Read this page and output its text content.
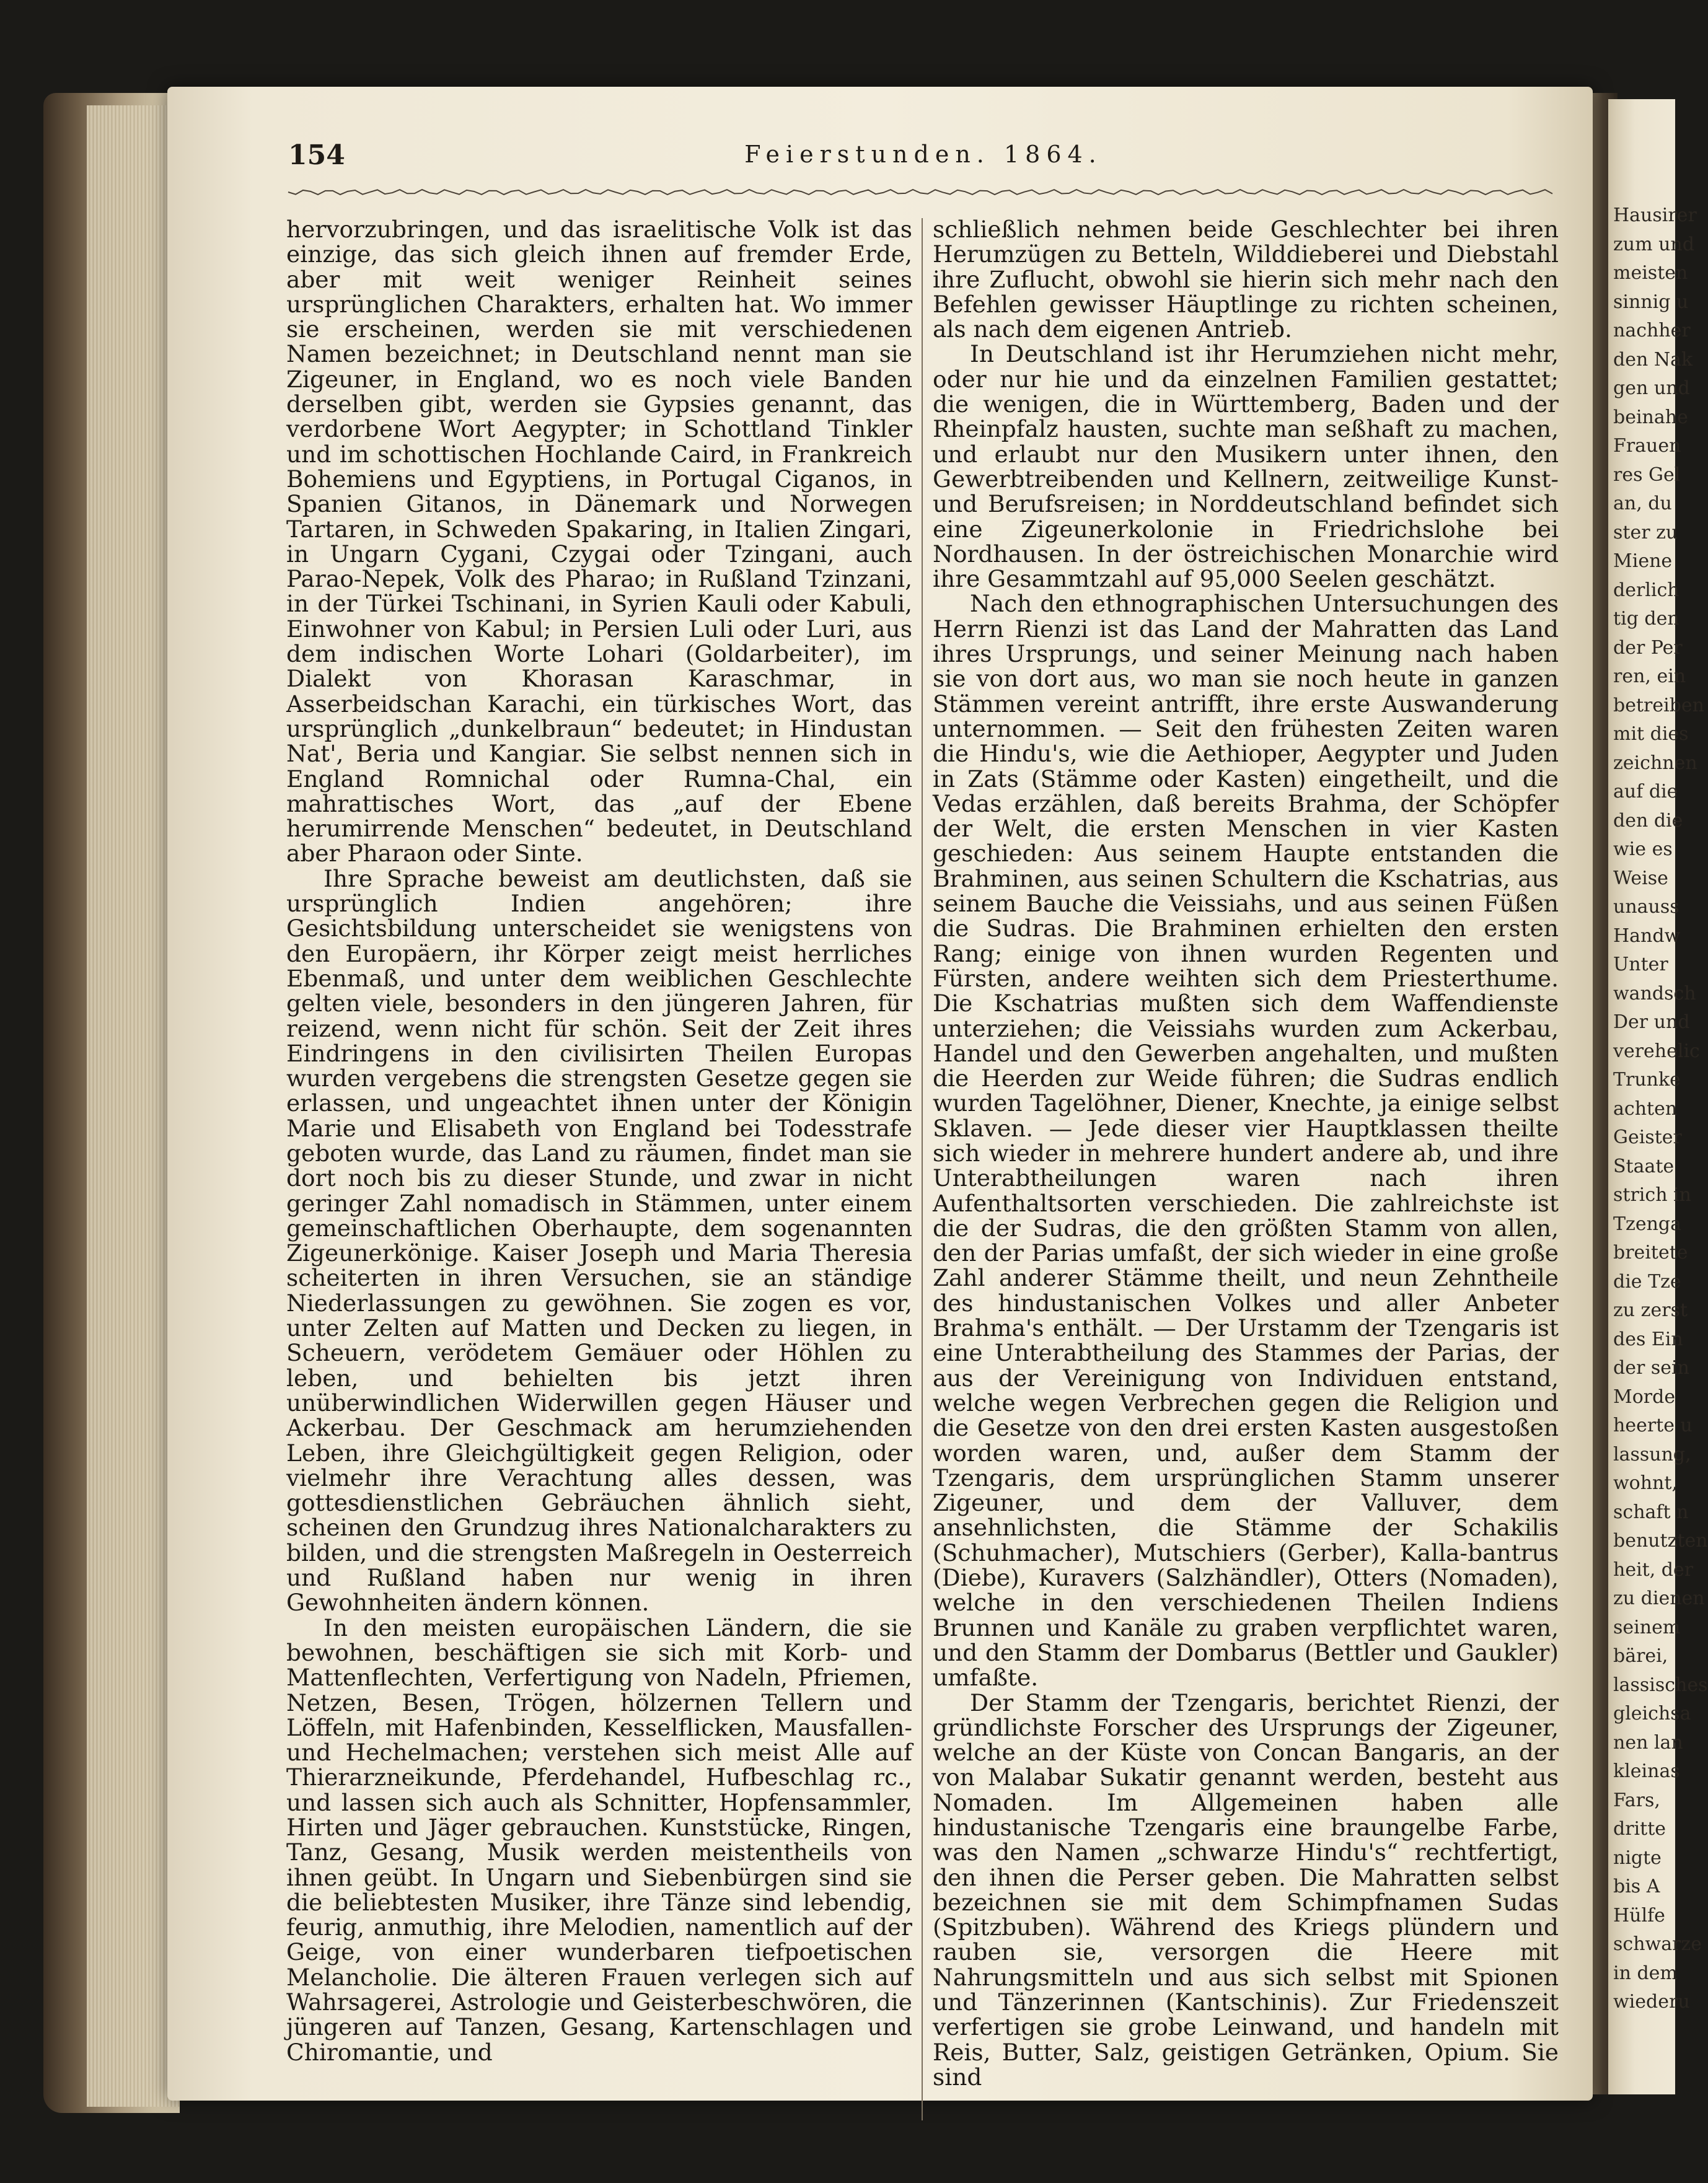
Hausirer
zum und
meisten
sinnig u
nachher
den Nak
gen und
beinahe
Frauen
res Gel
an, du
ster zu
Miene
derlich
tig den
der Per
ren, ein
betreiben
mit dies
zeichnen
auf die
den die
wie es
Weise
unauss
Handw
Unter
wandsch
Der und
verehelic
Trunke
achten
Geister
Staate
strich in
Tzenga
breitete
die Tze
zu zerst
des Ein
der sein
Morde
heerte u
lassung,
wohnt,
schaft n
benutzten
heit, der
zu dienen
seinem
bärei,
lassisches
gleichsa
nen lan
kleinas
Fars,
dritte
nigte
bis A
Hülfe
schwarze
in dem
wiederu
154	Feierstunden. 1864.

hervorzubringen, und das israelitische Volk ist das einzige, das sich gleich ihnen auf fremder Erde, aber mit weit weniger Reinheit seines ursprünglichen Charakters, erhalten hat. Wo immer sie erscheinen, werden sie mit verschiedenen Namen bezeichnet; in Deutschland nennt man sie Zigeuner, in England, wo es noch viele Banden derselben gibt, werden sie Gypsies genannt, das verdorbene Wort Aegypter; in Schottland Tinkler und im schottischen Hochlande Caird, in Frankreich Bohemiens und Egyptiens, in Portugal Ciganos, in Spanien Gitanos, in Dänemark und Norwegen Tartaren, in Schweden Spakaring, in Italien Zingari, in Ungarn Cygani, Czygai oder Tzingani, auch Parao-Nepek, Volk des Pharao; in Rußland Tzinzani, in der Türkei Tschinani, in Syrien Kauli oder Kabuli, Einwohner von Kabul; in Persien Luli oder Luri, aus dem indischen Worte Lohari (Goldarbeiter), im Dialekt von Khorasan Karaschmar, in Asserbeidschan Karachi, ein türkisches Wort, das ursprünglich „dunkelbraun“ bedeutet; in Hindustan Nat', Beria und Kangiar. Sie selbst nennen sich in England Romnichal oder Rumna-Chal, ein mahrattisches Wort, das „auf der Ebene herumirrende Menschen“ bedeutet, in Deutschland aber Pharaon oder Sinte.

Ihre Sprache beweist am deutlichsten, daß sie ursprünglich Indien angehören; ihre Gesichtsbildung unterscheidet sie wenigstens von den Europäern, ihr Körper zeigt meist herrliches Ebenmaß, und unter dem weiblichen Geschlechte gelten viele, besonders in den jüngeren Jahren, für reizend, wenn nicht für schön. Seit der Zeit ihres Eindringens in den civilisirten Theilen Europas wurden vergebens die strengsten Gesetze gegen sie erlassen, und ungeachtet ihnen unter der Königin Marie und Elisabeth von England bei Todesstrafe geboten wurde, das Land zu räumen, findet man sie dort noch bis zu dieser Stunde, und zwar in nicht geringer Zahl nomadisch in Stämmen, unter einem gemeinschaftlichen Oberhaupte, dem sogenannten Zigeunerkönige. Kaiser Joseph und Maria Theresia scheiterten in ihren Versuchen, sie an ständige Niederlassungen zu gewöhnen. Sie zogen es vor, unter Zelten auf Matten und Decken zu liegen, in Scheuern, verödetem Gemäuer oder Höhlen zu leben, und behielten bis jetzt ihren unüberwindlichen Widerwillen gegen Häuser und Ackerbau. Der Geschmack am herumziehenden Leben, ihre Gleichgültigkeit gegen Religion, oder vielmehr ihre Verachtung alles dessen, was gottesdienstlichen Gebräuchen ähnlich sieht, scheinen den Grundzug ihres Nationalcharakters zu bilden, und die strengsten Maßregeln in Oesterreich und Rußland haben nur wenig in ihren Gewohnheiten ändern können.

In den meisten europäischen Ländern, die sie bewohnen, beschäftigen sie sich mit Korb- und Mattenflechten, Verfertigung von Nadeln, Pfriemen, Netzen, Besen, Trögen, hölzernen Tellern und Löffeln, mit Hafenbinden, Kesselflicken, Mausfallen- und Hechelmachen; verstehen sich meist Alle auf Thierarzneikunde, Pferdehandel, Hufbeschlag rc., und lassen sich auch als Schnitter, Hopfensammler, Hirten und Jäger gebrauchen. Kunststücke, Ringen, Tanz, Gesang, Musik werden meistentheils von ihnen geübt. In Ungarn und Siebenbürgen sind sie die beliebtesten Musiker, ihre Tänze sind lebendig, feurig, anmuthig, ihre Melodien, namentlich auf der Geige, von einer wunderbaren tiefpoetischen Melancholie. Die älteren Frauen verlegen sich auf Wahrsagerei, Astrologie und Geisterbeschwören, die jüngeren auf Tanzen, Gesang, Kartenschlagen und Chiromantie, und

schließlich nehmen beide Geschlechter bei ihren Herumzügen zu Betteln, Wilddieberei und Diebstahl ihre Zuflucht, obwohl sie hierin sich mehr nach den Befehlen gewisser Häuptlinge zu richten scheinen, als nach dem eigenen Antrieb.

In Deutschland ist ihr Herumziehen nicht mehr, oder nur hie und da einzelnen Familien gestattet; die wenigen, die in Württemberg, Baden und der Rheinpfalz hausten, suchte man seßhaft zu machen, und erlaubt nur den Musikern unter ihnen, den Gewerbtreibenden und Kellnern, zeitweilige Kunst- und Berufsreisen; in Norddeutschland befindet sich eine Zigeunerkolonie in Friedrichslohe bei Nordhausen. In der östreichischen Monarchie wird ihre Gesammtzahl auf 95,000 Seelen geschätzt.

Nach den ethnographischen Untersuchungen des Herrn Rienzi ist das Land der Mahratten das Land ihres Ursprungs, und seiner Meinung nach haben sie von dort aus, wo man sie noch heute in ganzen Stämmen vereint antrifft, ihre erste Auswanderung unternommen. — Seit den frühesten Zeiten waren die Hindu's, wie die Aethioper, Aegypter und Juden in Zats (Stämme oder Kasten) eingetheilt, und die Vedas erzählen, daß bereits Brahma, der Schöpfer der Welt, die ersten Menschen in vier Kasten geschieden: Aus seinem Haupte entstanden die Brahminen, aus seinen Schultern die Kschatrias, aus seinem Bauche die Veissiahs, und aus seinen Füßen die Sudras. Die Brahminen erhielten den ersten Rang; einige von ihnen wurden Regenten und Fürsten, andere weihten sich dem Priesterthume. Die Kschatrias mußten sich dem Waffendienste unterziehen; die Veissiahs wurden zum Ackerbau, Handel und den Gewerben angehalten, und mußten die Heerden zur Weide führen; die Sudras endlich wurden Tagelöhner, Diener, Knechte, ja einige selbst Sklaven. — Jede dieser vier Hauptklassen theilte sich wieder in mehrere hundert andere ab, und ihre Unterabtheilungen waren nach ihren Aufenthaltsorten verschieden. Die zahlreichste ist die der Sudras, die den größten Stamm von allen, den der Parias umfaßt, der sich wieder in eine große Zahl anderer Stämme theilt, und neun Zehntheile des hindustanischen Volkes und aller Anbeter Brahma's enthält. — Der Urstamm der Tzengaris ist eine Unterabtheilung des Stammes der Parias, der aus der Vereinigung von Individuen entstand, welche wegen Verbrechen gegen die Religion und die Gesetze von den drei ersten Kasten ausgestoßen worden waren, und, außer dem Stamm der Tzengaris, dem ursprünglichen Stamm unserer Zigeuner, und dem der Valluver, dem ansehnlichsten, die Stämme der Schakilis (Schuhmacher), Mutschiers (Gerber), Kalla-bantrus (Diebe), Kuravers (Salzhändler), Otters (Nomaden), welche in den verschiedenen Theilen Indiens Brunnen und Kanäle zu graben verpflichtet waren, und den Stamm der Dombarus (Bettler und Gaukler) umfaßte.

Der Stamm der Tzengaris, berichtet Rienzi, der gründlichste Forscher des Ursprungs der Zigeuner, welche an der Küste von Concan Bangaris, an der von Malabar Sukatir genannt werden, besteht aus Nomaden. Im Allgemeinen haben alle hindustanische Tzengaris eine braungelbe Farbe, was den Namen „schwarze Hindu's“ rechtfertigt, den ihnen die Perser geben. Die Mahratten selbst bezeichnen sie mit dem Schimpfnamen Sudas (Spitzbuben). Während des Kriegs plündern und rauben sie, versorgen die Heere mit Nahrungsmitteln und aus sich selbst mit Spionen und Tänzerinnen (Kantschinis). Zur Friedenszeit verfertigen sie grobe Leinwand, und handeln mit Reis, Butter, Salz, geistigen Getränken, Opium. Sie sind
